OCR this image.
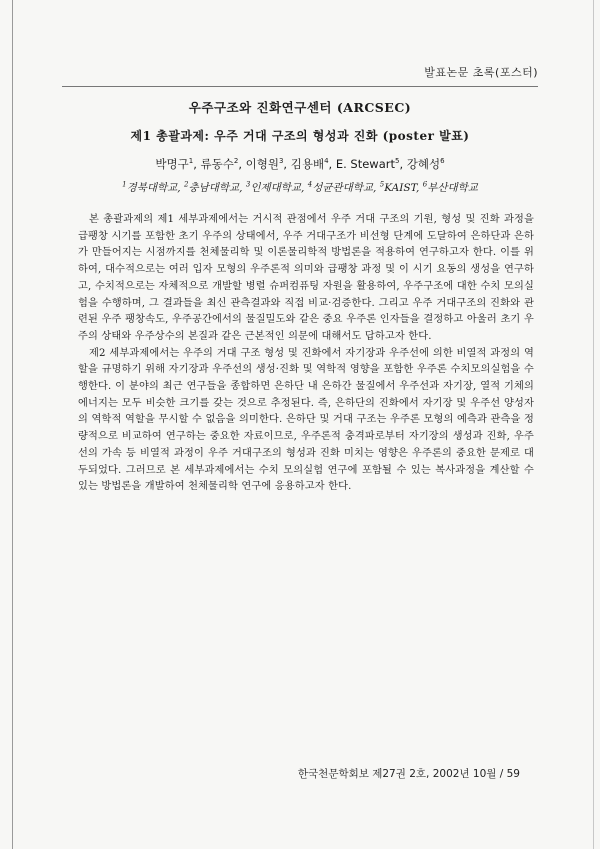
발표논문 초록(포스터)
우주구조와 진화연구센터 (ARCSEC)
제1 총괄과제: 우주 거대 구조의 형성과 진화 (poster 발표)
박명구$^1$, 류동수$^2$, 이형원$^3$, 김용배$^4$, E. Stewart$^5$, 강혜성$^6$
$^1$경북대학교, $^2$충남대학교, $^3$인제대학교, $^4$성균관대학교, $^5$KAIST, $^6$부산대학교

본 총괄과제의 제1 세부과제에서는 거시적 관점에서 우주 거대 구조의 기원, 형성 및 진화 과정을 급팽창 시기를 포함한 초기 우주의 상태에서, 우주 거대구조가 비선형 단계에 도달하여 은하단과 은하가 만들어지는 시점까지를 천체물리학 및 이론물리학적 방법론을 적용하여 연구하고자 한다. 이를 위하여, 대수적으로는 여러 입자 모형의 우주론적 의미와 급팽창 과정 및 이 시기 요동의 생성을 연구하고, 수치적으로는 자체적으로 개발할 병렬 슈퍼컴퓨팅 자원을 활용하여, 우주구조에 대한 수치 모의실험을 수행하며, 그 결과들을 최신 관측결과와 직접 비교·검증한다. 그리고 우주 거대구조의 진화와 관련된 우주 팽창속도, 우주공간에서의 물질밀도와 같은 중요 우주론 인자들을 결정하고 아울러 초기 우주의 상태와 우주상수의 본질과 같은 근본적인 의문에 대해서도 답하고자 한다.

제2 세부과제에서는 우주의 거대 구조 형성 및 진화에서 자기장과 우주선에 의한 비열적 과정의 역할을 규명하기 위해 자기장과 우주선의 생성·진화 및 역학적 영향을 포함한 우주론 수치모의실험을 수행한다. 이 분야의 최근 연구들을 종합하면 은하단 내 은하간 물질에서 우주선과 자기장, 열적 기체의 에너지는 모두 비슷한 크기를 갖는 것으로 추정된다. 즉, 은하단의 진화에서 자기장 및 우주선 양성자의 역학적 역할을 무시할 수 없음을 의미한다. 은하단 및 거대 구조는 우주론 모형의 예측과 관측을 정량적으로 비교하여 연구하는 중요한 자료이므로, 우주론적 충격파로부터 자기장의 생성과 진화, 우주선의 가속 등 비열적 과정이 우주 거대구조의 형성과 진화 미치는 영향은 우주론의 중요한 문제로 대두되었다. 그러므로 본 세부과제에서는 수치 모의실험 연구에 포함될 수 있는 복사과정을 계산할 수 있는 방법론을 개발하여 천체물리학 연구에 응용하고자 한다.

한국천문학회보 제27권 2호, 2002년 10월 / 59
